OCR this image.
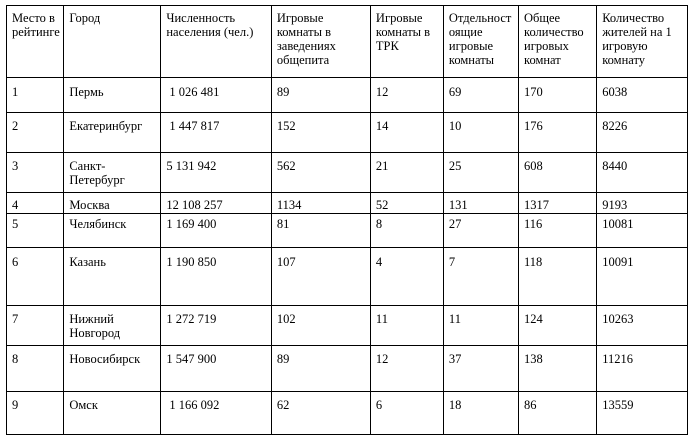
Место в рейтинге	Город	Численность населения (чел.)	Игровые комнаты в заведениях общепита	Игровые комнаты в ТРК	Отдельностоящие игровые комнаты	Общее количество игровых комнат	Количество жителей на 1 игровую комнату
1	Пермь	1 026 481	89	12	69	170	6038
2	Екатеринбург	1 447 817	152	14	10	176	8226
3	Санкт-Петербург	5 131 942	562	21	25	608	8440
4	Москва	12 108 257	1134	52	131	1317	9193
5	Челябинск	1 169 400	81	8	27	116	10081
6	Казань	1 190 850	107	4	7	118	10091
7	Нижний Новгород	1 272 719	102	11	11	124	10263
8	Новосибирск	1 547 900	89	12	37	138	11216
9	Омск	1 166 092	62	6	18	86	13559
